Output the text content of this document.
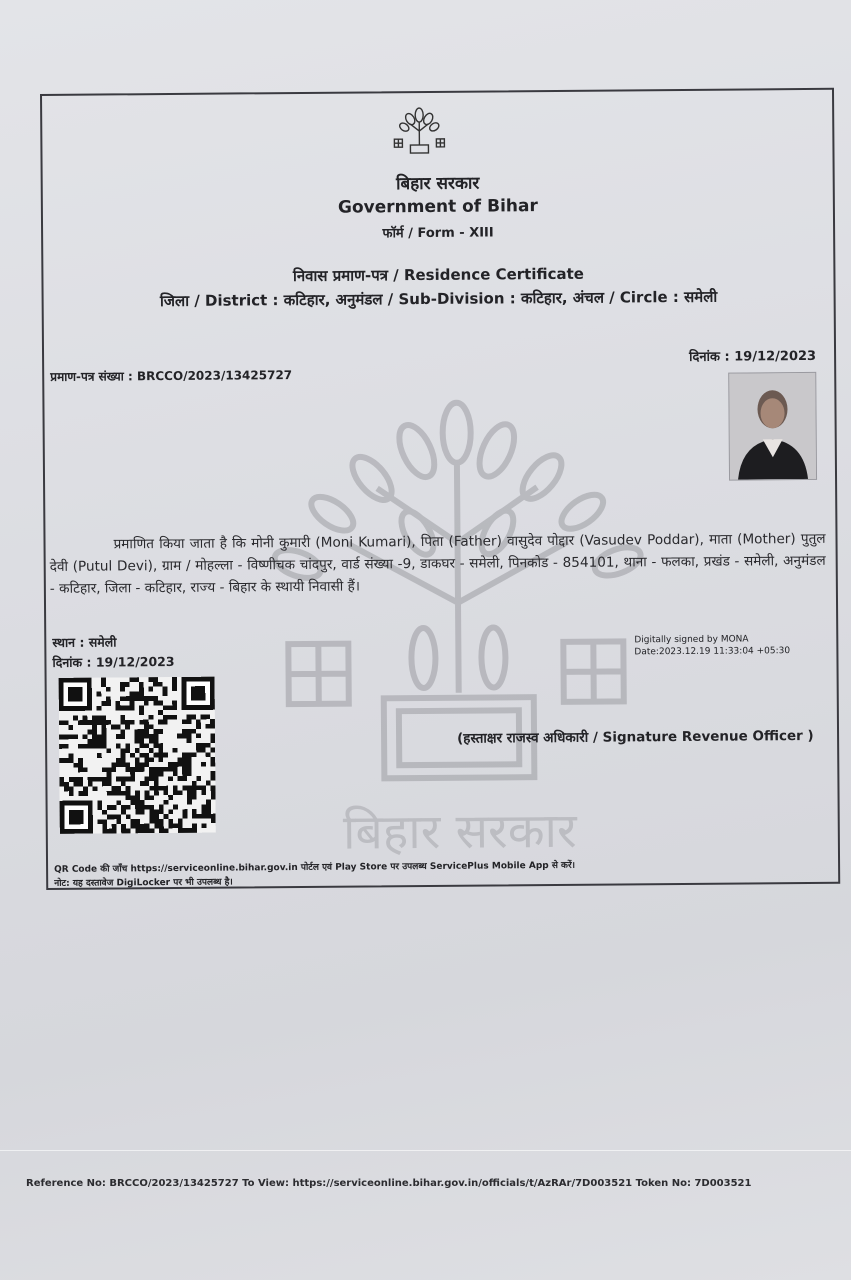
बिहार सरकार
Government of Bihar
फॉर्म / Form - XIII
निवास प्रमाण-पत्र / Residence Certificate
जिला / District : कटिहार, अनुमंडल / Sub-Division : कटिहार, अंचल / Circle : समेली
प्रमाण-पत्र संख्या : BRCCO/2023/13425727
दिनांक : 19/12/2023
बिहार सरकार
प्रमाणित किया जाता है कि मोनी कुमारी (Moni Kumari), पिता (Father) वासुदेव पोद्दार (Vasudev Poddar), माता (Mother) पुतुल देवी (Putul Devi), ग्राम / मोहल्ला - विष्णीचक चांदपुर, वार्ड संख्या -9, डाकघर - समेली, पिनकोड - 854101, थाना - फलका, प्रखंड - समेली, अनुमंडल - कटिहार, जिला - कटिहार, राज्य - बिहार के स्थायी निवासी हैं।
स्थान : समेली
दिनांक : 19/12/2023
Digitally signed by MONA
Date:2023.12.19 11:33:04 +05:30
(हस्ताक्षर राजस्व अधिकारी / Signature Revenue Officer )
QR Code की जाँच https://serviceonline.bihar.gov.in पोर्टल एवं Play Store पर उपलब्ध ServicePlus Mobile App से करें।
नोट: यह दस्तावेज DigiLocker पर भी उपलब्ध है।
Reference No: BRCCO/2023/13425727 To View: https://serviceonline.bihar.gov.in/officials/t/AzRAr/7D003521 Token No: 7D003521
